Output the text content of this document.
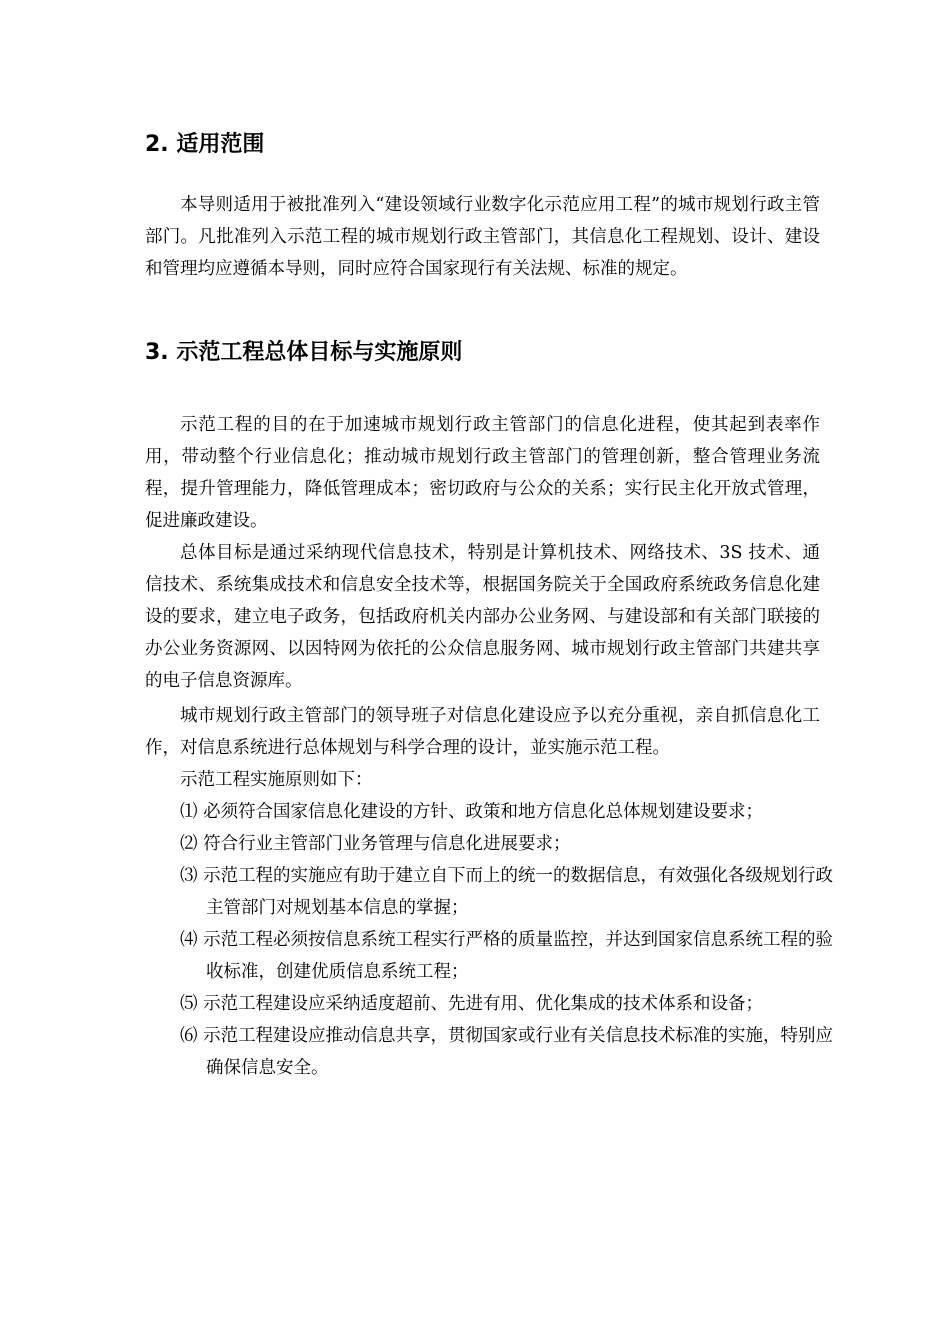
2. 适用范围

本导则适用于被批准列入“建设领域行业数字化示范应用工程”的城市规划行政主管部门。凡批准列入示范工程的城市规划行政主管部门，其信息化工程规划、设计、建设和管理均应遵循本导则，同时应符合国家现行有关法规、标准的规定。

3. 示范工程总体目标与实施原则

示范工程的目的在于加速城市规划行政主管部门的信息化进程，使其起到表率作用，带动整个行业信息化；推动城市规划行政主管部门的管理创新，整合管理业务流程，提升管理能力，降低管理成本；密切政府与公众的关系；实行民主化开放式管理，促进廉政建设。

总体目标是通过采纳现代信息技术，特别是计算机技术、网络技术、3S 技术、通信技术、系统集成技术和信息安全技术等，根据国务院关于全国政府系统政务信息化建设的要求，建立电子政务，包括政府机关内部办公业务网、与建设部和有关部门联接的办公业务资源网、以因特网为依托的公众信息服务网、城市规划行政主管部门共建共享的电子信息资源库。

城市规划行政主管部门的领导班子对信息化建设应予以充分重视，亲自抓信息化工作，对信息系统进行总体规划与科学合理的设计，並实施示范工程。

示范工程实施原则如下：

⑴ 必须符合国家信息化建设的方针、政策和地方信息化总体规划建设要求；

⑵ 符合行业主管部门业务管理与信息化进展要求；

⑶ 示范工程的实施应有助于建立自下而上的统一的数据信息，有效强化各级规划行政主管部门对规划基本信息的掌握；

⑷ 示范工程必须按信息系统工程实行严格的质量监控，并达到国家信息系统工程的验收标准，创建优质信息系统工程；

⑸ 示范工程建设应采纳适度超前、先进有用、优化集成的技术体系和设备；

⑹ 示范工程建设应推动信息共享，贯彻国家或行业有关信息技术标准的实施，特别应确保信息安全。
